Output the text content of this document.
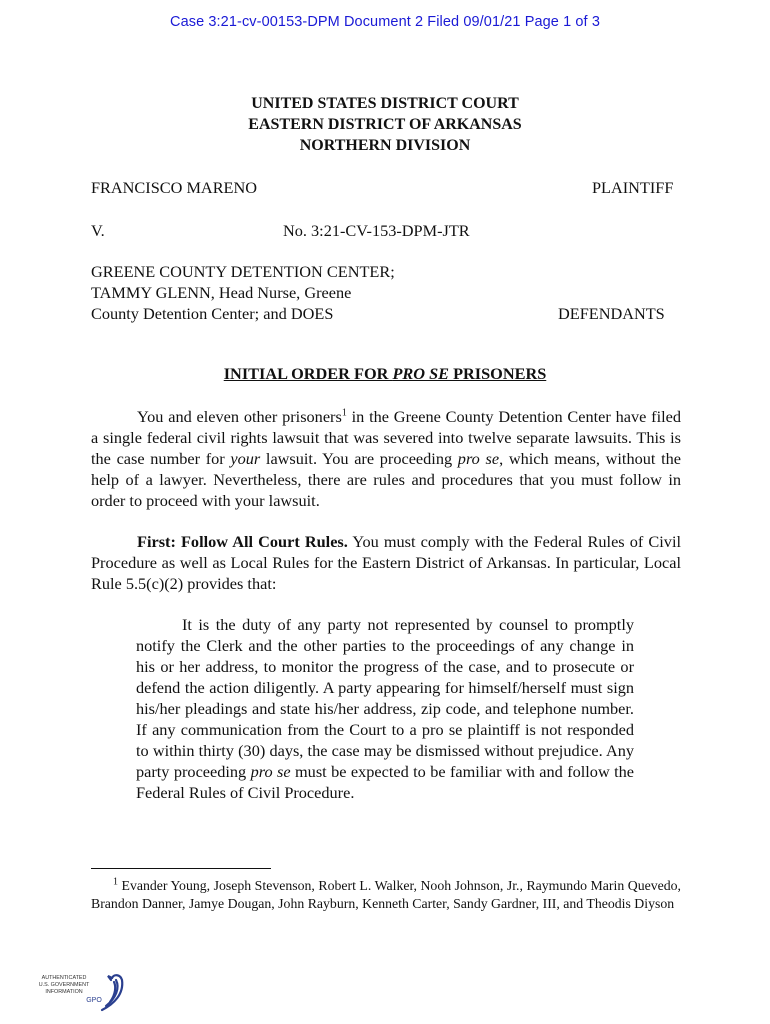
Case 3:21-cv-00153-DPM Document 2 Filed 09/01/21 Page 1 of 3
UNITED STATES DISTRICT COURT
EASTERN DISTRICT OF ARKANSAS
NORTHERN DIVISION
FRANCISCO MARENO	PLAINTIFF
V.	No. 3:21-CV-153-DPM-JTR
GREENE COUNTY DETENTION CENTER;
TAMMY GLENN, Head Nurse, Greene
County Detention Center; and DOES	DEFENDANTS
INITIAL ORDER FOR PRO SE PRISONERS

You and eleven other prisoners$^1$ in the Greene County Detention Center have filed a single federal civil rights lawsuit that was severed into twelve separate lawsuits. This is the case number for your lawsuit. You are proceeding pro se, which means, without the help of a lawyer. Nevertheless, there are rules and procedures that you must follow in order to proceed with your lawsuit.

First: Follow All Court Rules. You must comply with the Federal Rules of Civil Procedure as well as Local Rules for the Eastern District of Arkansas. In particular, Local Rule 5.5(c)(2) provides that:

It is the duty of any party not represented by counsel to promptly notify the Clerk and the other parties to the proceedings of any change in his or her address, to monitor the progress of the case, and to prosecute or defend the action diligently. A party appearing for himself/herself must sign his/her pleadings and state his/her address, zip code, and telephone number. If any communication from the Court to a pro se plaintiff is not responded to within thirty (30) days, the case may be dismissed without prejudice. Any party proceeding pro se must be expected to be familiar with and follow the Federal Rules of Civil Procedure.

$^1$ Evander Young, Joseph Stevenson, Robert L. Walker, Nooh Johnson, Jr., Raymundo Marin Quevedo, Brandon Danner, Jamye Dougan, John Rayburn, Kenneth Carter, Sandy Gardner, III, and Theodis Diyson

AUTHENTICATED
U.S. GOVERNMENT
INFORMATION
GPO
